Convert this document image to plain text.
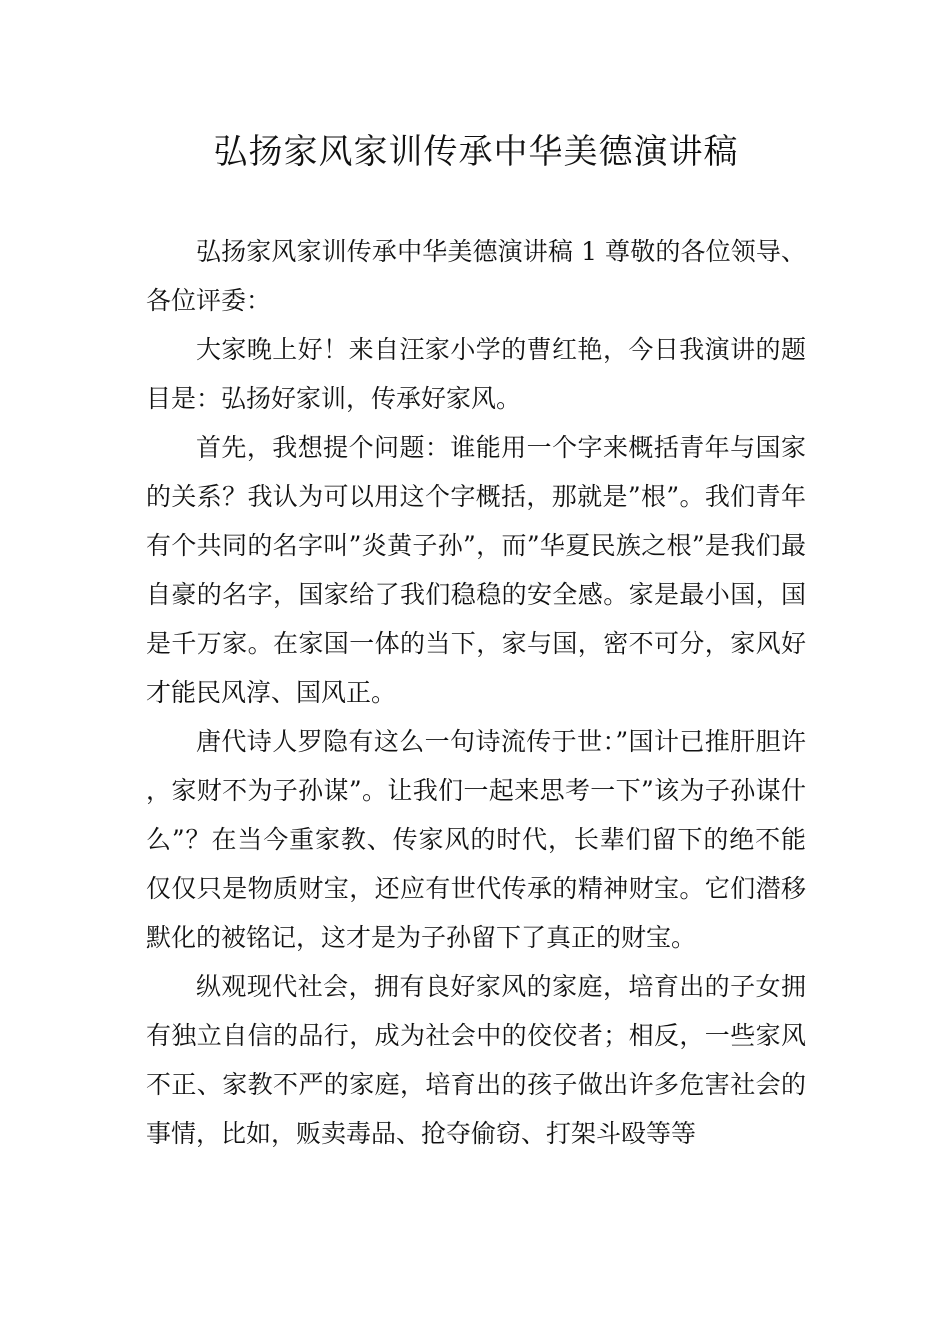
弘扬家风家训传承中华美德演讲稿

弘扬家风家训传承中华美德演讲稿 1 尊敬的各位领导、各位评委：

大家晚上好！来自汪家小学的曹红艳，今日我演讲的题目是：弘扬好家训，传承好家风。

首先，我想提个问题：谁能用一个字来概括青年与国家的关系？我认为可以用这个字概括，那就是”根”。我们青年有个共同的名字叫”炎黄子孙”，而”华夏民族之根”是我们最自豪的名字，国家给了我们稳稳的安全感。家是最小国，国是千万家。在家国一体的当下，家与国，密不可分，家风好才能民风淳、国风正。

唐代诗人罗隐有这么一句诗流传于世：”国计已推肝胆许，家财不为子孙谋”。让我们一起来思考一下”该为子孙谋什么”？在当今重家教、传家风的时代，长辈们留下的绝不能仅仅只是物质财宝，还应有世代传承的精神财宝。它们潜移默化的被铭记，这才是为子孙留下了真正的财宝。

纵观现代社会，拥有良好家风的家庭，培育出的子女拥有独立自信的品行，成为社会中的佼佼者；相反，一些家风不正、家教不严的家庭，培育出的孩子做出许多危害社会的事情，比如，贩卖毒品、抢夺偷窃、打架斗殴等等
